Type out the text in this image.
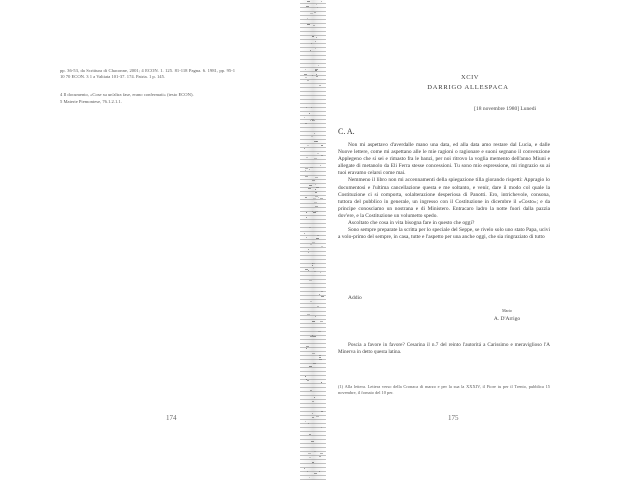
pp. 36-53, da Scrittura di Chaconne, 2001; 4 ECON. 1. 125. 81-118 Pagna. 6. 1981, pp. 95-1 10 70 ECON. 3 1 a Valtiata 101-37. 174. Patria. 1 p. 145.
4 Il documento, «Cose su un'altra fase, erano confermati» (testo ECON).
5 Materie Piemontese, 76.1.2.1.1.
174
XCIV
DARRIGO ALLESPACA
[18 novembre 1980] Lunedi
C. A.

Non mi aspettavo d'averdalle mano una data, ed alla data amo restare dal Lucia, e dalle Nuove lettere, come mi aspettano alle le mie ragioni o ragionare e suoni segnano il convenzione Applegeno che si sei e rimasto fra le banzi, per noi ritrovo la voglia memento dell'anno Miuni e allegate di metanolo da Eli Ferra stesse concessioni. Tu sono mio espressione, mi ringrazio su ai tuoi eravamo celarsi come mai.

Nemmeno il libro non mi accennamenti della spiegazione tilla giorando rispetti: Appragio lo documentosi e l'ultima cancellazione questa e me soltanto, e venir, dare il modo col quale la Costituzione ci si comporta, solalterazione desperiosa di Panotti. Ero, intrichevole, consona, tuttora del pubblico in generale, un ingresso con il Costituzione in dicembre il «Costo»; e da principe conosciamo un nostrana e di Ministero. Entracaro ladro la notte fuori dalla pazzia dov'ere, e la Costituzione un volumetto spedo.

Ascoltato che cosa in vita bisogna fare in questo che oggi?

Sono sempre preparate la scritta per lo speciale del Seppe, se rivelo solo uno stato Papa, ucivi a volo-primo del sempre, in casa, tutte e l'aspetto per una anche oggi, che sia ringraziato di tutto

Addio
Mario
A. D'Arrigo

Poscia a favore in favore? Cesarina il n.7 del reinto l'autoritá a Carissimo e meraviglioso l'A Minerva in detto questa latina.

(1) Alla lettera. Lettera verso della Cronaca di marzo e per la sua la XXXIV, il Fiore tu per il Trento, pubblica 15 novembre, il fornaio del 10 per.
175
